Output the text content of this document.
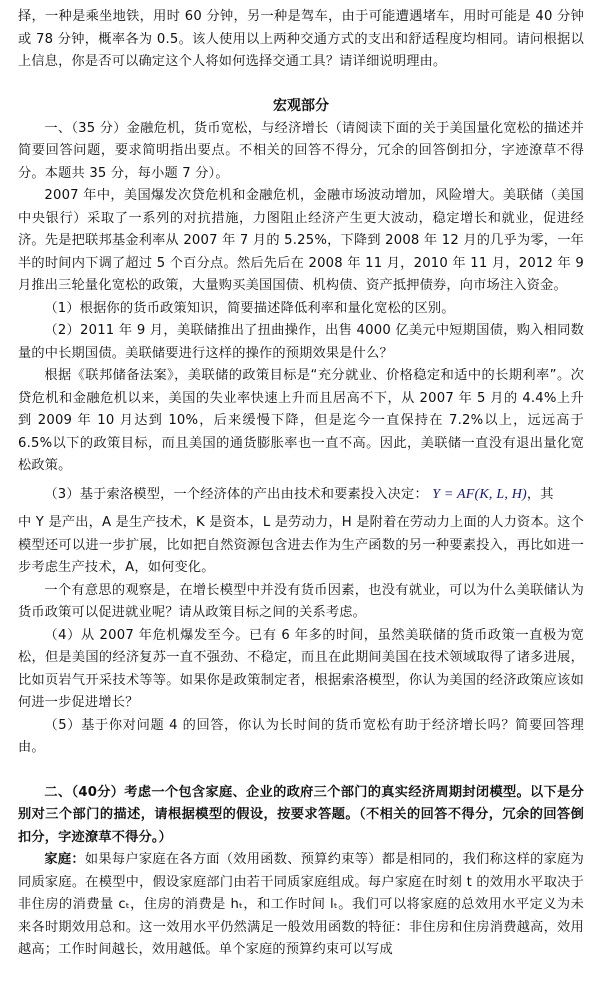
择，一种是乘坐地铁，用时 60 分钟，另一种是驾车，由于可能遭遇堵车，用时可能是 40 分钟或 78 分钟，概率各为 0.5。该人使用以上两种交通方式的支出和舒适程度均相同。请问根据以上信息，你是否可以确定这个人将如何选择交通工具？请详细说明理由。

宏观部分

一、（35 分）金融危机，货币宽松，与经济增长（请阅读下面的关于美国量化宽松的描述并简要回答问题，要求简明指出要点。不相关的回答不得分，冗余的回答倒扣分，字迹潦草不得分。本题共 35 分，每小题 7 分）。

2007 年中，美国爆发次贷危机和金融危机，金融市场波动增加，风险增大。美联储（美国中央银行）采取了一系列的对抗措施，力图阻止经济产生更大波动，稳定增长和就业，促进经济。先是把联邦基金利率从 2007 年 7 月的 5.25%，下降到 2008 年 12 月的几乎为零，一年半的时间内下调了超过 5 个百分点。然后先后在 2008 年 11 月，2010 年 11 月，2012 年 9 月推出三轮量化宽松的政策，大量购买美国国债、机构债、资产抵押债券，向市场注入资金。

（1）根据你的货币政策知识，简要描述降低利率和量化宽松的区别。

（2）2011 年 9 月，美联储推出了扭曲操作，出售 4000 亿美元中短期国债，购入相同数量的中长期国债。美联储要进行这样的操作的预期效果是什么？

根据《联邦储备法案》，美联储的政策目标是“充分就业、价格稳定和适中的长期利率”。次贷危机和金融危机以来，美国的失业率快速上升而且居高不下，从 2007 年 5 月的 4.4%上升到 2009 年 10 月达到 10%，后来缓慢下降，但是迄今一直保持在 7.2%以上，远远高于 6.5%以下的政策目标，而且美国的通货膨胀率也一直不高。因此，美联储一直没有退出量化宽松政策。

（3）基于索洛模型，一个经济体的产出由技术和要素投入决定： Y = AF(K, L, H)，其

中 Y 是产出，A 是生产技术，K 是资本，L 是劳动力，H 是附着在劳动力上面的人力资本。这个模型还可以进一步扩展，比如把自然资源包含进去作为生产函数的另一种要素投入，再比如进一步考虑生产技术，A，如何变化。

一个有意思的观察是，在增长模型中并没有货币因素，也没有就业，可以为什么美联储认为货币政策可以促进就业呢？请从政策目标之间的关系考虑。

（4）从 2007 年危机爆发至今。已有 6 年多的时间，虽然美联储的货币政策一直极为宽松，但是美国的经济复苏一直不强劲、不稳定，而且在此期间美国在技术领域取得了诸多进展，比如页岩气开采技术等等。如果你是政策制定者，根据索洛模型，你认为美国的经济政策应该如何进一步促进增长？

（5）基于你对问题 4 的回答，你认为长时间的货币宽松有助于经济增长吗？简要回答理由。

二、（40分）考虑一个包含家庭、企业的政府三个部门的真实经济周期封闭模型。以下是分别对三个部门的描述，请根据模型的假设，按要求答题。（不相关的回答不得分，冗余的回答倒扣分，字迹潦草不得分。）

家庭：如果每户家庭在各方面（效用函数、预算约束等）都是相同的，我们称这样的家庭为同质家庭。在模型中，假设家庭部门由若干同质家庭组成。每户家庭在时刻 t 的效用水平取决于非住房的消费量 cₜ，住房的消费是 hₜ，和工作时间 lₜ。我们可以将家庭的总效用水平定义为未来各时期效用总和。这一效用水平仍然满足一般效用函数的特征：非住房和住房消费越高，效用越高；工作时间越长，效用越低。单个家庭的预算约束可以写成
